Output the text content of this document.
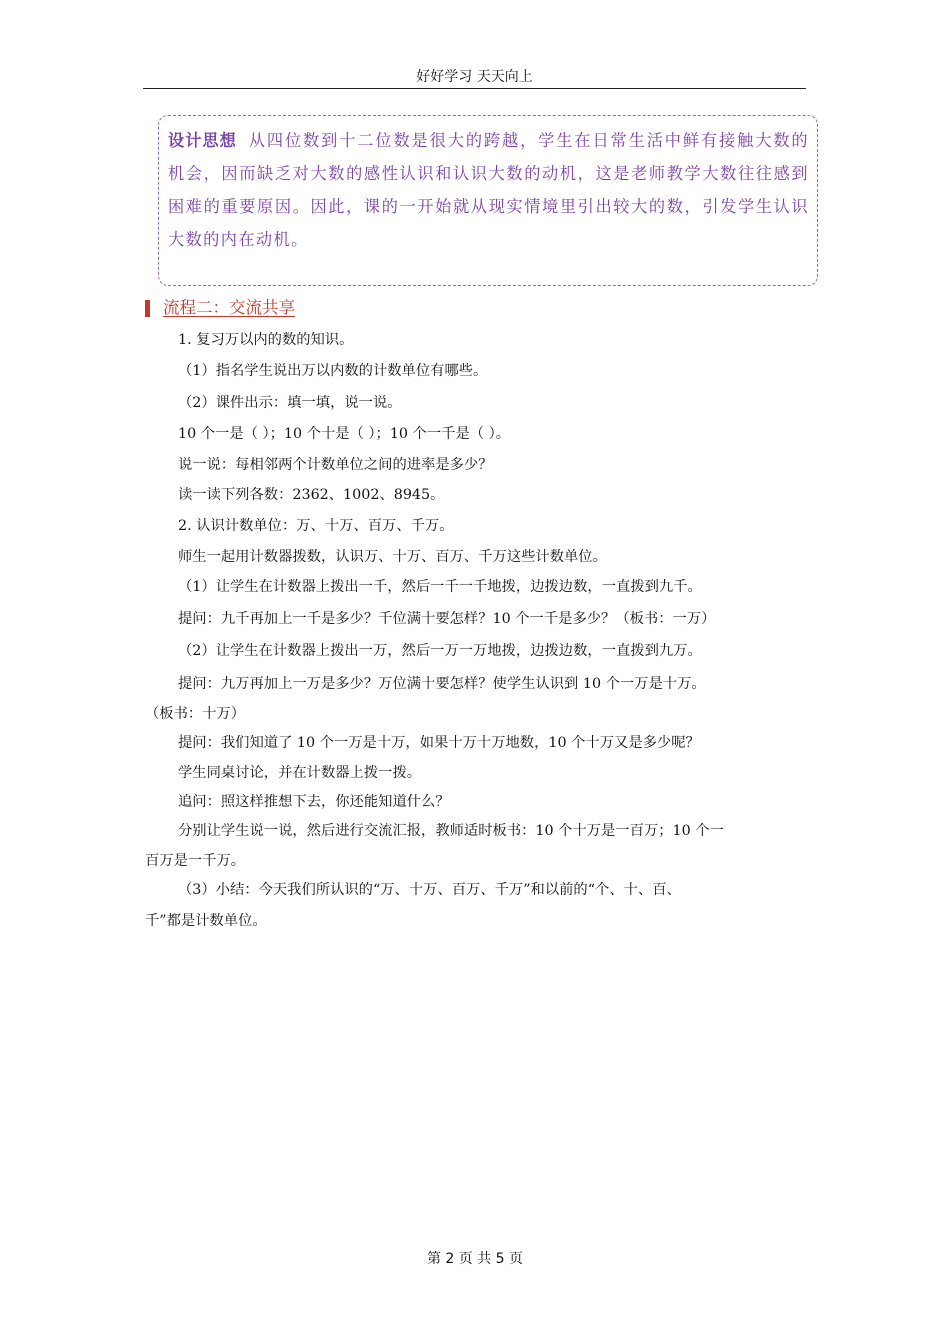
好好学习 天天向上
设计思想 从四位数到十二位数是很大的跨越，学生在日常生活中鲜有接触大数的机会，因而缺乏对大数的感性认识和认识大数的动机，这是老师教学大数往往感到困难的重要原因。因此，课的一开始就从现实情境里引出较大的数，引发学生认识大数的内在动机。
流程二：交流共享
1. 复习万以内的数的知识。
（1）指名学生说出万以内数的计数单位有哪些。
（2）课件出示：填一填，说一说。
10 个一是（ ）；10 个十是（ ）；10 个一千是（ ）。
说一说：每相邻两个计数单位之间的进率是多少？
读一读下列各数：2362、1002、8945。
2. 认识计数单位：万、十万、百万、千万。
师生一起用计数器拨数，认识万、十万、百万、千万这些计数单位。
（1）让学生在计数器上拨出一千，然后一千一千地拨，边拨边数，一直拨到九千。
提问：九千再加上一千是多少？千位满十要怎样？10 个一千是多少？（板书：一万）
（2）让学生在计数器上拨出一万，然后一万一万地拨，边拨边数，一直拨到九万。
提问：九万再加上一万是多少？万位满十要怎样？使学生认识到 10 个一万是十万。
（板书：十万）
提问：我们知道了 10 个一万是十万，如果十万十万地数，10 个十万又是多少呢？
学生同桌讨论，并在计数器上拨一拨。
追问：照这样推想下去，你还能知道什么？
分别让学生说一说，然后进行交流汇报，教师适时板书：10 个十万是一百万；10 个一
百万是一千万。
（3）小结：今天我们所认识的“万、十万、百万、千万”和以前的“个、十、百、
千”都是计数单位。
第 2 页 共 5 页
